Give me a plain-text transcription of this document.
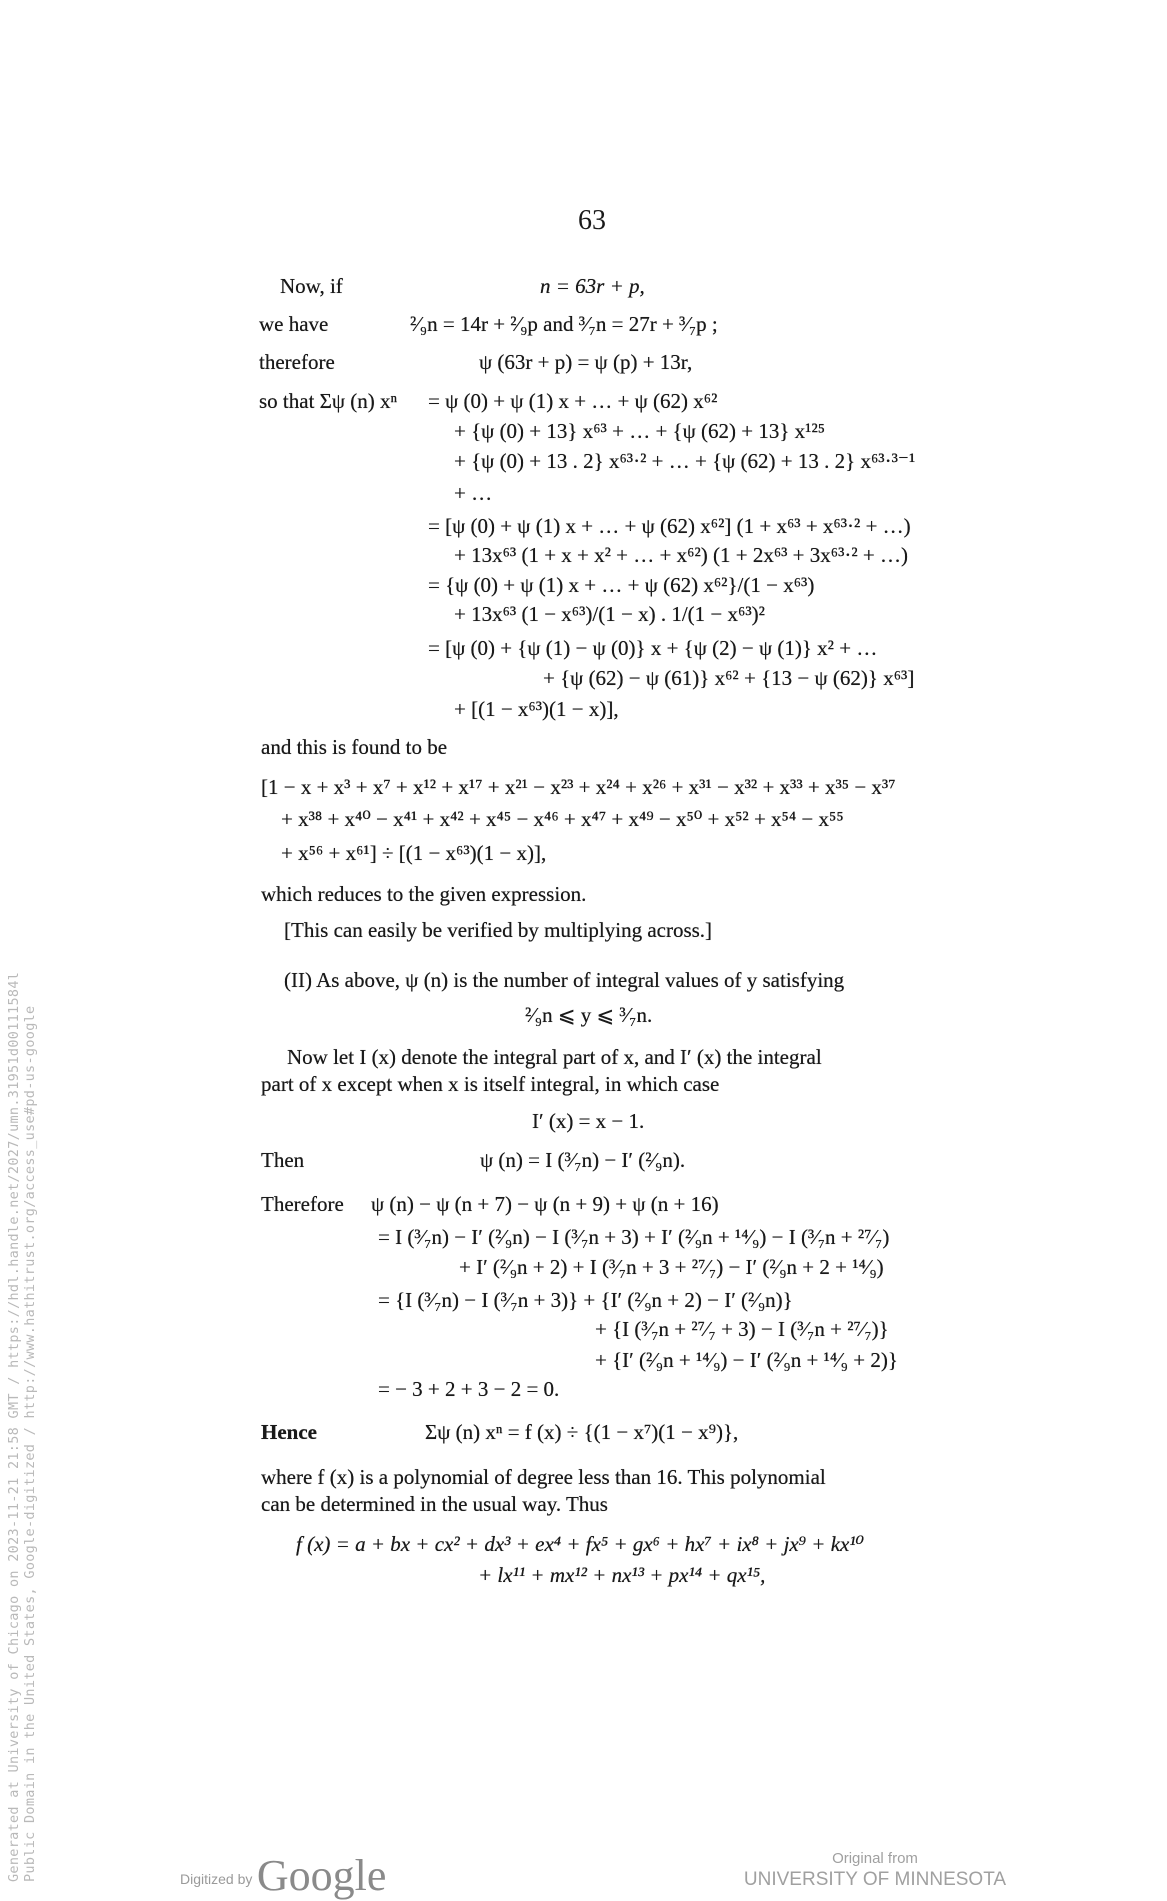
63
Generated at University of Chicago on 2023-11-21 21:58 GMT / https://hdl.handle.net/2027/umn.31951d00111584l Public Domain in the United States, Google-digitized / http://www.hathitrust.org/access_use#pd-us-google
Now, if	n = 63r + p,
we have	²⁄₉n = 14r + ²⁄₉p and ³⁄₇n = 27r + ³⁄₇p ;
therefore	ψ (63r + p) = ψ (p) + 13r,
so that Σψ (n) xⁿ = ψ (0) + ψ (1) x + … + ψ (62) x⁶²
+ {ψ (0) + 13} x⁶³ + … + {ψ (62) + 13} x¹²⁵
+ {ψ (0) + 13 . 2} x⁶³·² + … + {ψ (62) + 13 . 2} x⁶³·³⁻¹
+ …
= [ψ (0) + ψ (1) x + … + ψ (62) x⁶²] (1 + x⁶³ + x⁶³·² + …)
+ 13x⁶³ (1 + x + x² + … + x⁶²) (1 + 2x⁶³ + 3x⁶³·² + …)
= {ψ (0) + ψ (1) x + … + ψ (62) x⁶²}/(1 − x⁶³)
+ 13x⁶³ (1 − x⁶³)/(1 − x) . 1/(1 − x⁶³)²
= [ψ (0) + {ψ (1) − ψ (0)} x + {ψ (2) − ψ (1)} x² + …
+ {ψ (62) − ψ (61)} x⁶² + {13 − ψ (62)} x⁶³]
+ [(1 − x⁶³)(1 − x)],
and this is found to be
[1 − x + x³ + x⁷ + x¹² + x¹⁷ + x²¹ − x²³ + x²⁴ + x²⁶ + x³¹ − x³² + x³³ + x³⁵ − x³⁷
+ x³⁸ + x⁴⁰ − x⁴¹ + x⁴² + x⁴⁵ − x⁴⁶ + x⁴⁷ + x⁴⁹ − x⁵⁰ + x⁵² + x⁵⁴ − x⁵⁵
+ x⁵⁶ + x⁶¹] ÷ [(1 − x⁶³)(1 − x)],
which reduces to the given expression.
[This can easily be verified by multiplying across.]
(II) As above, ψ (n) is the number of integral values of y satisfying
²⁄₉n ⩽ y ⩽ ³⁄₇n.
Now let I (x) denote the integral part of x, and I′ (x) the integral
part of x except when x is itself integral, in which case
I′ (x) = x − 1.
Then	ψ (n) = I (³⁄₇n) − I′ (²⁄₉n).
Therefore ψ (n) − ψ (n + 7) − ψ (n + 9) + ψ (n + 16)
= I (³⁄₇n) − I′ (²⁄₉n) − I (³⁄₇n + 3) + I′ (²⁄₉n + ¹⁴⁄₉) − I (³⁄₇n + ²⁷⁄₇)
+ I′ (²⁄₉n + 2) + I (³⁄₇n + 3 + ²⁷⁄₇) − I′ (²⁄₉n + 2 + ¹⁴⁄₉)
= {I (³⁄₇n) − I (³⁄₇n + 3)} + {I′ (²⁄₉n + 2) − I′ (²⁄₉n)}
+ {I (³⁄₇n + ²⁷⁄₇ + 3) − I (³⁄₇n + ²⁷⁄₇)}
+ {I′ (²⁄₉n + ¹⁴⁄₉) − I′ (²⁄₉n + ¹⁴⁄₉ + 2)}
= − 3 + 2 + 3 − 2 = 0.
Hence	Σψ (n) xⁿ = f (x) ÷ {(1 − x⁷)(1 − x⁹)},
where f (x) is a polynomial of degree less than 16. This polynomial
can be determined in the usual way. Thus
f (x) = a + bx + cx² + dx³ + ex⁴ + fx⁵ + gx⁶ + hx⁷ + ix⁸ + jx⁹ + kx¹⁰
+ lx¹¹ + mx¹² + nx¹³ + px¹⁴ + qx¹⁵,
Digitized by Google	Original from
UNIVERSITY OF MINNESOTA
